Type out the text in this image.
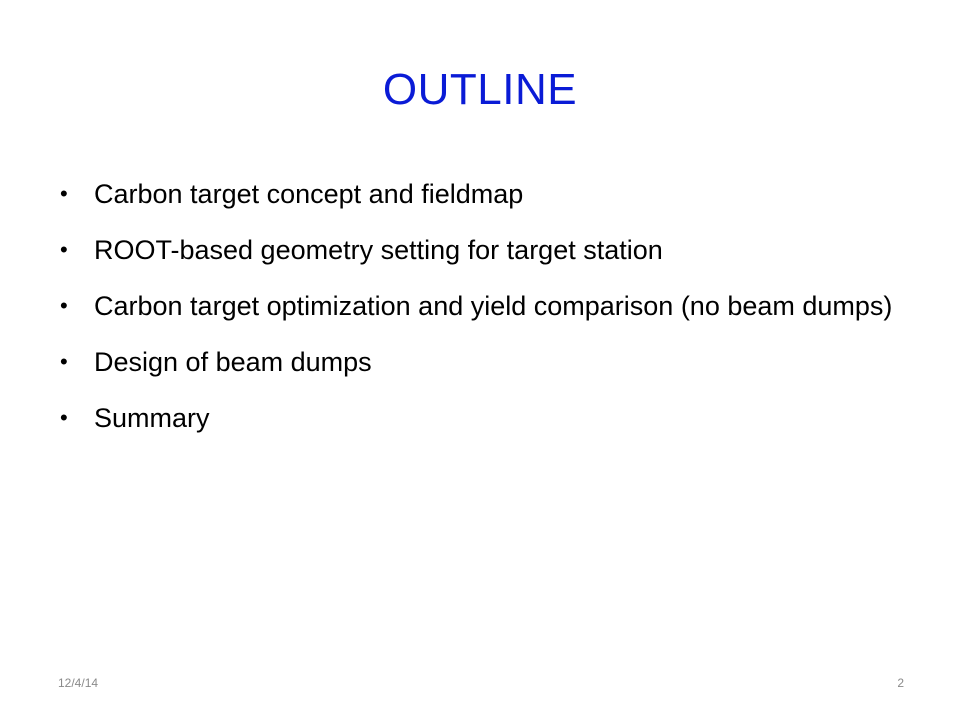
OUTLINE
• Carbon target concept and fieldmap
• ROOT-based geometry setting for target station
• Carbon target optimization and yield comparison (no beam dumps)
• Design of beam dumps
• Summary
12/4/14	2
